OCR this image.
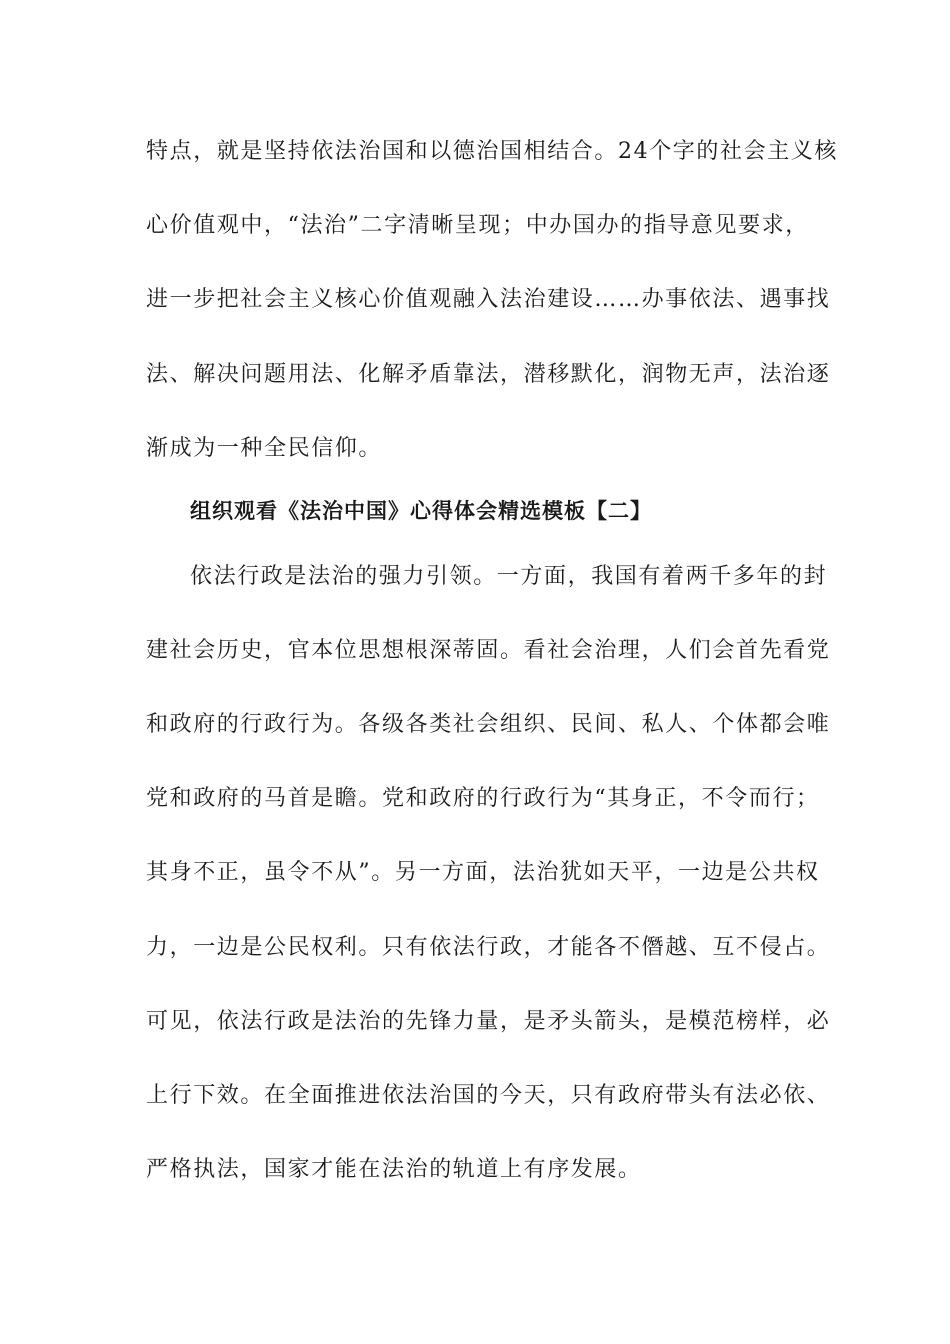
特点，就是坚持依法治国和以德治国相结合。24个字的社会主义核
心价值观中，“法治”二字清晰呈现；中办国办的指导意见要求，
进一步把社会主义核心价值观融入法治建设……办事依法、遇事找
法、解决问题用法、化解矛盾靠法，潜移默化，润物无声，法治逐
渐成为一种全民信仰。
组织观看《法治中国》心得体会精选模板【二】
依法行政是法治的强力引领。一方面，我国有着两千多年的封
建社会历史，官本位思想根深蒂固。看社会治理，人们会首先看党
和政府的行政行为。各级各类社会组织、民间、私人、个体都会唯
党和政府的马首是瞻。党和政府的行政行为“其身正，不令而行；
其身不正，虽令不从”。另一方面，法治犹如天平，一边是公共权
力，一边是公民权利。只有依法行政，才能各不僭越、互不侵占。
可见，依法行政是法治的先锋力量，是矛头箭头，是模范榜样，必
上行下效。在全面推进依法治国的今天，只有政府带头有法必依、
严格执法，国家才能在法治的轨道上有序发展。
